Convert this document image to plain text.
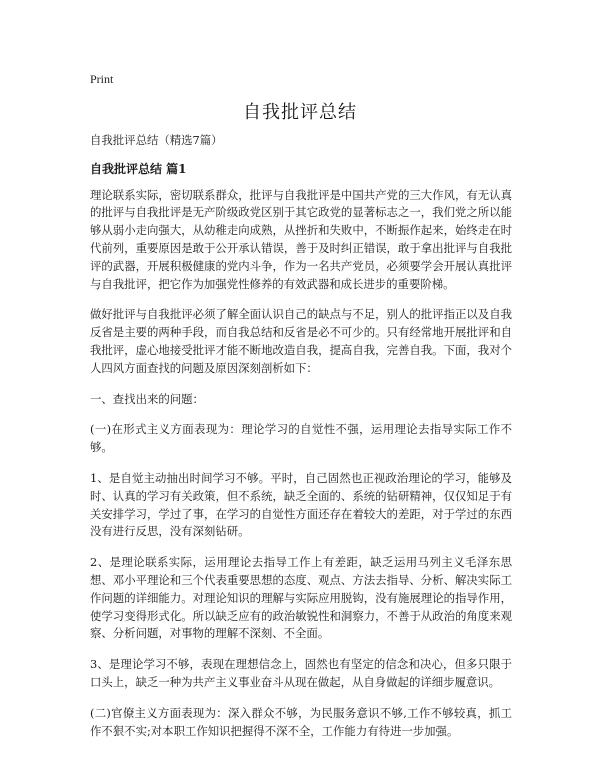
Print
自我批评总结

自我批评总结（精选7篇）

自我批评总结 篇1

理论联系实际，密切联系群众，批评与自我批评是中国共产党的三大作风，有无认真的批评与自我批评是无产阶级政党区别于其它政党的显著标志之一，我们党之所以能够从弱小走向强大，从幼稚走向成熟，从挫折和失败中，不断振作起来，始终走在时代前列，重要原因是敢于公开承认错误，善于及时纠正错误，敢于拿出批评与自我批评的武器，开展积极健康的党内斗争，作为一名共产党员，必须要学会开展认真批评与自我批评，把它作为加强党性修养的有效武器和成长进步的重要阶梯。

做好批评与自我批评必须了解全面认识自己的缺点与不足，别人的批评指正以及自我反省是主要的两种手段，而自我总结和反省是必不可少的。只有经常地开展批评和自我批评，虚心地接受批评才能不断地改造自我，提高自我，完善自我。下面，我对个人四风方面查找的问题及原因深刻剖析如下：

一、查找出来的问题：

(一)在形式主义方面表现为：理论学习的自觉性不强，运用理论去指导实际工作不够。

1、是自觉主动抽出时间学习不够。平时，自己固然也正视政治理论的学习，能够及时、认真的学习有关政策，但不系统，缺乏全面的、系统的钻研精神，仅仅知足于有关安排学习，学过了事，在学习的自觉性方面还存在着较大的差距，对于学过的东西没有进行反思，没有深刻钻研。

2、是理论联系实际，运用理论去指导工作上有差距，缺乏运用马列主义毛泽东思想、邓小平理论和三个代表重要思想的态度、观点、方法去指导、分析、解决实际工作问题的详细能力。对理论知识的理解与实际应用脱钩，没有施展理论的指导作用，使学习变得形式化。所以缺乏应有的政治敏锐性和洞察力，不善于从政治的角度来观察、分析问题，对事物的理解不深刻、不全面。

3、是理论学习不够，表现在理想信念上，固然也有坚定的信念和决心，但多只限于口头上，缺乏一种为共产主义事业奋斗从现在做起，从自身做起的详细步履意识。

(二)官僚主义方面表现为：深入群众不够，为民服务意识不够,工作不够较真，抓工作不狠不实;对本职工作知识把握得不深不全，工作能力有待进一步加强。
